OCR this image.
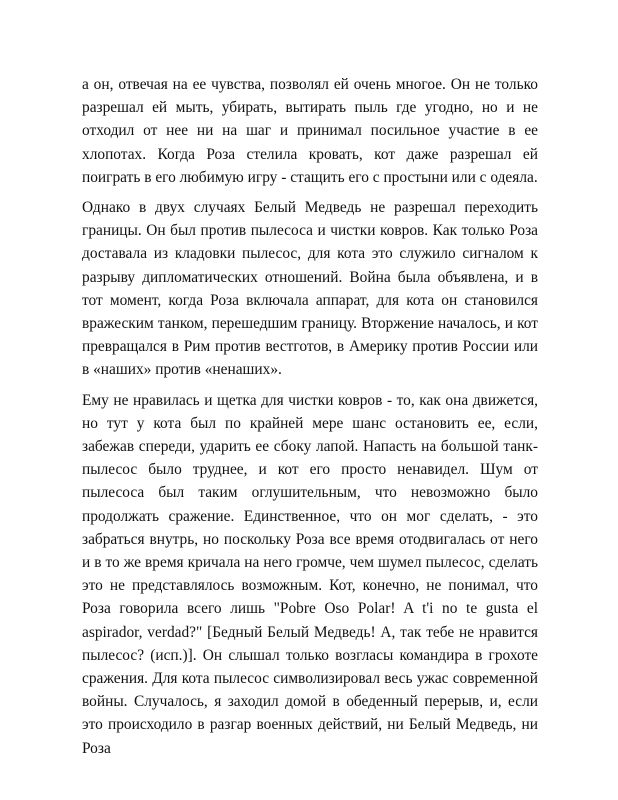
а он, отвечая на ее чувства, позволял ей очень многое. Он не только разрешал ей мыть, убирать, вытирать пыль где угодно, но и не отходил от нее ни на шаг и принимал посильное участие в ее хлопотах. Когда Роза стелила кровать, кот даже разрешал ей поиграть в его любимую игру - стащить его с простыни или с одеяла.

Однако в двух случаях Белый Медведь не разрешал переходить границы. Он был против пылесоса и чистки ковров. Как только Роза доставала из кладовки пылесос, для кота это служило сигналом к разрыву дипломатических отношений. Война была объявлена, и в тот момент, когда Роза включала аппарат, для кота он становился вражеским танком, перешедшим границу. Вторжение началось, и кот превращался в Рим против вестготов, в Америку против России или в «наших» против «ненаших».

Ему не нравилась и щетка для чистки ковров - то, как она движется, но тут у кота был по крайней мере шанс остановить ее, если, забежав спереди, ударить ее сбоку лапой. Напасть на большой танк-пылесос было труднее, и кот его просто ненавидел. Шум от пылесоса был таким оглушительным, что невозможно было продолжать сражение. Единственное, что он мог сделать, - это забраться внутрь, но поскольку Роза все время отодвигалась от него и в то же время кричала на него громче, чем шумел пылесос, сделать это не представлялось возможным. Кот, конечно, не понимал, что Роза говорила всего лишь "Pobre Oso Polar! A t'i no te gusta el aspirador, verdad?" [Бедный Белый Медведь! А, так тебе не нравится пылесос? (исп.)]. Он слышал только возгласы командира в грохоте сражения. Для кота пылесос символизировал весь ужас современной войны. Случалось, я заходил домой в обеденный перерыв, и, если это происходило в разгар военных действий, ни Белый Медведь, ни Роза
